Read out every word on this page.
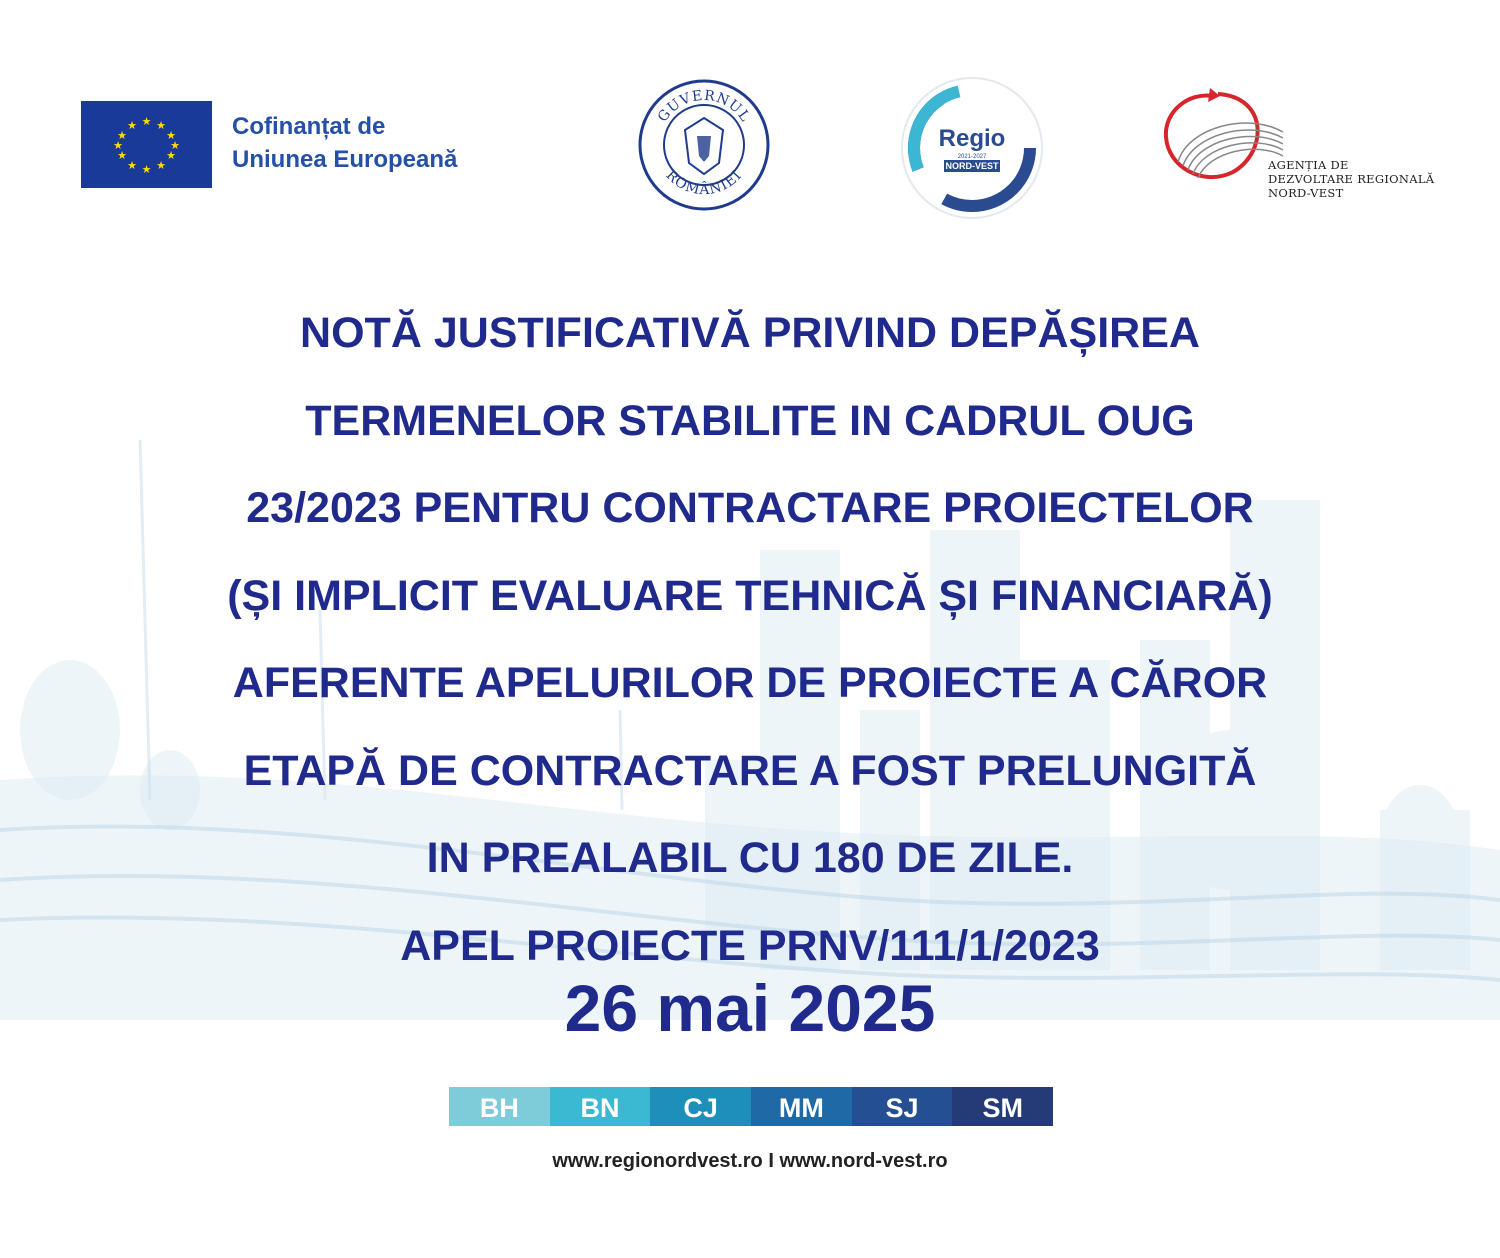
★ ★
★
★
★
★
★
★
★
★
★
★	Cofinanțat de
Uniunea Europeană
GUVERNUL
ROMÂNIEI
Regio
2021-2027
NORD-VEST	AGENȚIA DE
DEZVOLTARE REGIONALĂ
NORD-VEST
NOTĂ JUSTIFICATIVĂ PRIVIND DEPĂȘIREA
TERMENELOR STABILITE IN CADRUL OUG
23/2023 PENTRU CONTRACTARE PROIECTELOR
(ȘI IMPLICIT EVALUARE TEHNICĂ ȘI FINANCIARĂ)
AFERENTE APELURILOR DE PROIECTE A CĂROR
ETAPĂ DE CONTRACTARE A FOST PRELUNGITĂ
IN PREALABIL CU 180 DE ZILE.
APEL PROIECTE PRNV/111/1/2023
26 mai 2025
BH	BN	CJ	MM	SJ	SM
www.regionordvest.ro I www.nord-vest.ro
